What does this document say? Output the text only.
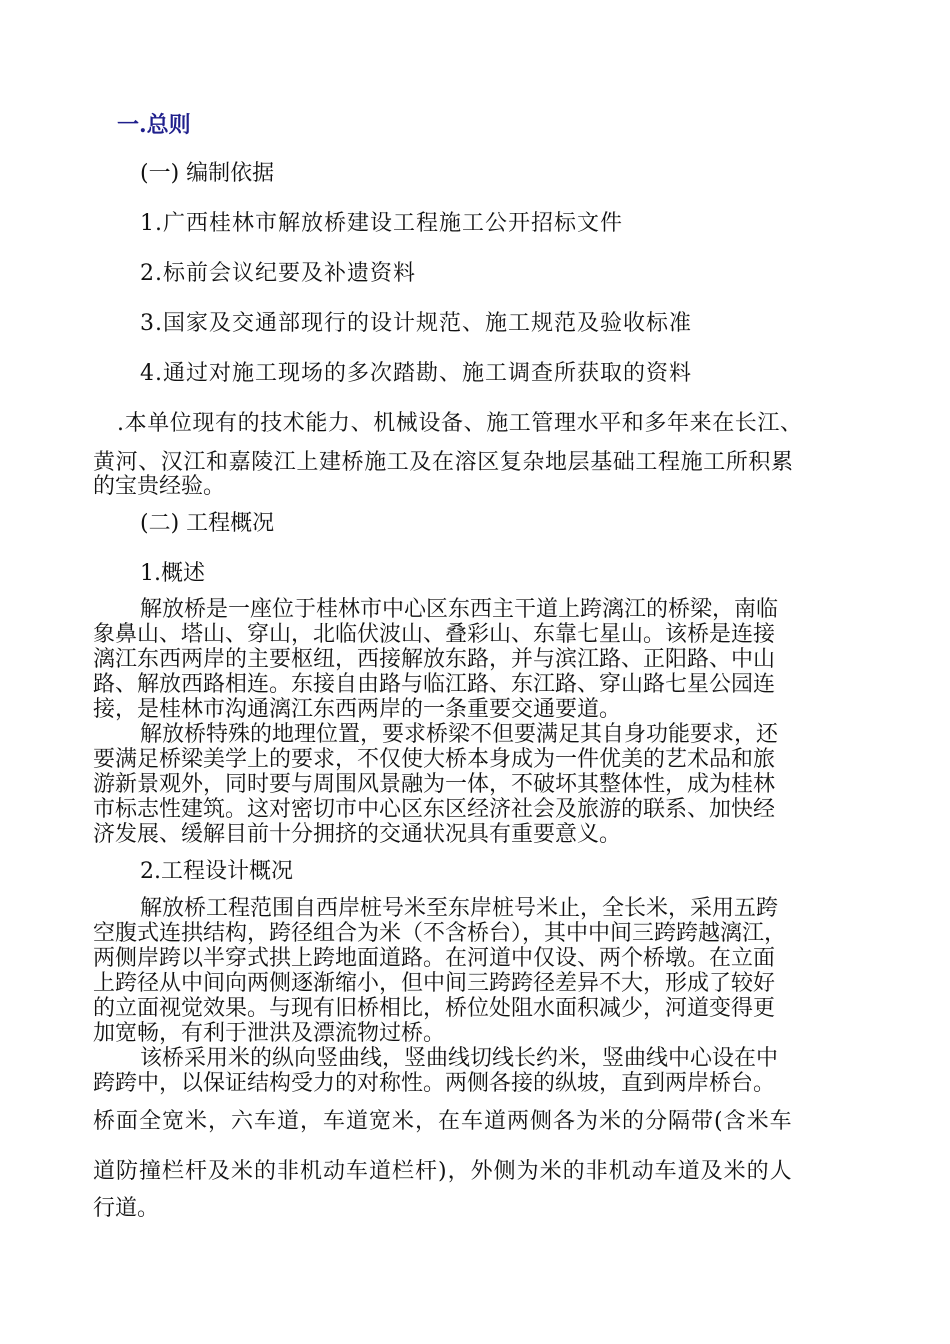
一.总则
(一) 编制依据
1.广西桂林市解放桥建设工程施工公开招标文件
2.标前会议纪要及补遗资料
3.国家及交通部现行的设计规范、施工规范及验收标准
4.通过对施工现场的多次踏勘、施工调查所获取的资料
.本单位现有的技术能力、机械设备、施工管理水平和多年来在长江、
黄河、汉江和嘉陵江上建桥施工及在溶区复杂地层基础工程施工所积累
的宝贵经验。
(二) 工程概况
1.概述
解放桥是一座位于桂林市中心区东西主干道上跨漓江的桥梁，南临
象鼻山、塔山、穿山，北临伏波山、叠彩山、东靠七星山。该桥是连接
漓江东西两岸的主要枢纽，西接解放东路，并与滨江路、正阳路、中山
路、解放西路相连。东接自由路与临江路、东江路、穿山路七星公园连
接，是桂林市沟通漓江东西两岸的一条重要交通要道。
解放桥特殊的地理位置，要求桥梁不但要满足其自身功能要求，还
要满足桥梁美学上的要求，不仅使大桥本身成为一件优美的艺术品和旅
游新景观外，同时要与周围风景融为一体，不破坏其整体性，成为桂林
市标志性建筑。这对密切市中心区东区经济社会及旅游的联系、加快经
济发展、缓解目前十分拥挤的交通状况具有重要意义。
2.工程设计概况
解放桥工程范围自西岸桩号米至东岸桩号米止，全长米，采用五跨
空腹式连拱结构，跨径组合为米（不含桥台），其中中间三跨跨越漓江，
两侧岸跨以半穿式拱上跨地面道路。在河道中仅设、两个桥墩。在立面
上跨径从中间向两侧逐渐缩小，但中间三跨跨径差异不大，形成了较好
的立面视觉效果。与现有旧桥相比，桥位处阻水面积减少，河道变得更
加宽畅，有利于泄洪及漂流物过桥。
该桥采用米的纵向竖曲线，竖曲线切线长约米，竖曲线中心设在中
跨跨中，以保证结构受力的对称性。两侧各接的纵坡，直到两岸桥台。
桥面全宽米，六车道，车道宽米，在车道两侧各为米的分隔带(含米车
道防撞栏杆及米的非机动车道栏杆)，外侧为米的非机动车道及米的人
行道。
